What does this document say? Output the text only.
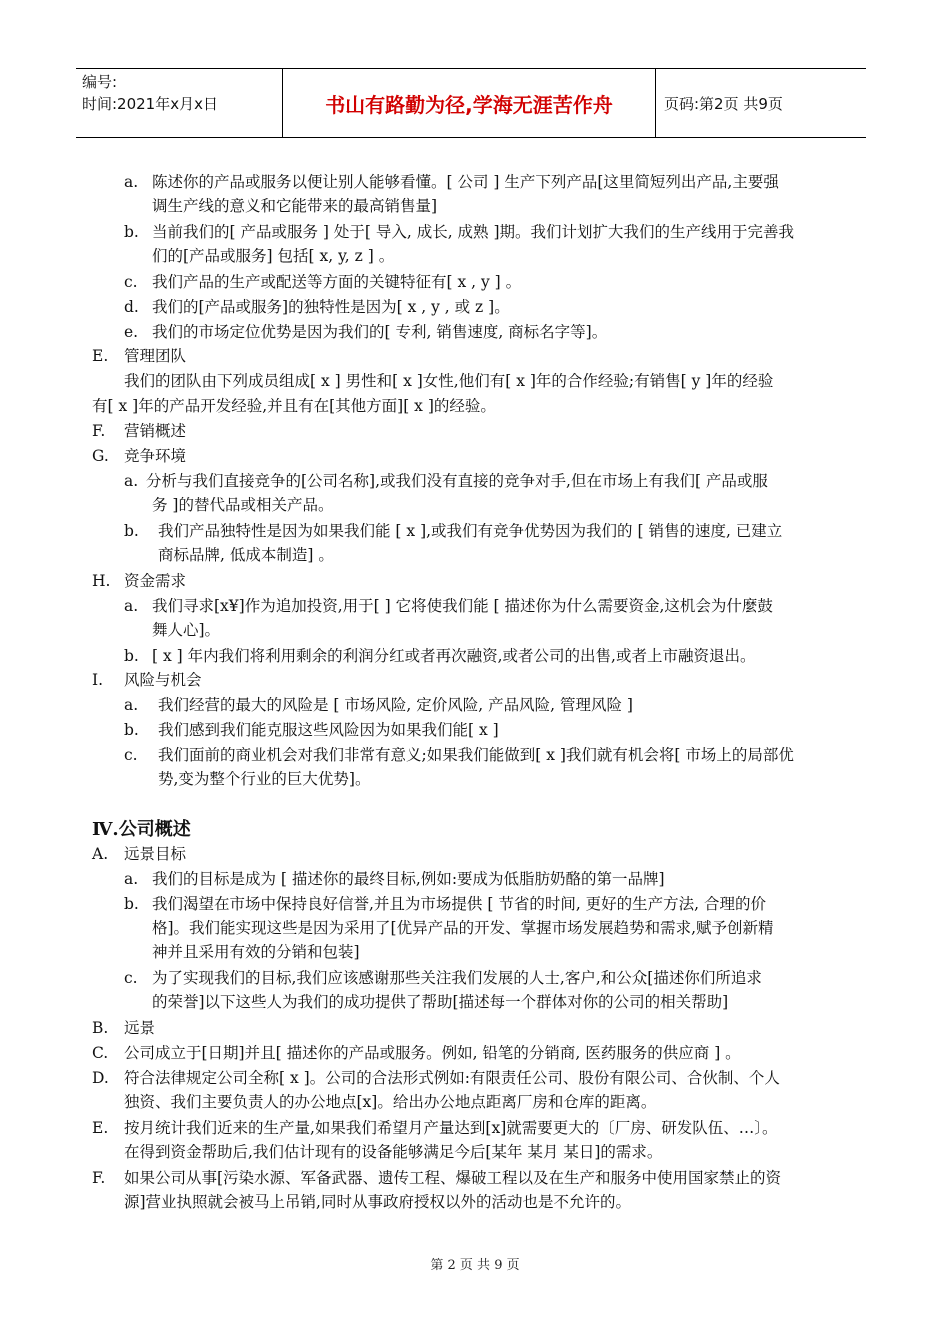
编号:
时间:2021年x月x日	书山有路勤为径,学海无涯苦作舟	页码:第2页 共9页
a. 陈述你的产品或服务以便让别人能够看懂。[ 公司 ] 生产下列产品[这里简短列出产品,主要强
调生产线的意义和它能带来的最高销售量]
b. 当前我们的[ 产品或服务 ] 处于[ 导入, 成长, 成熟 ]期。我们计划扩大我们的生产线用于完善我
们的[产品或服务] 包括[ x, y, z ] 。
c. 我们产品的生产或配送等方面的关键特征有[ x , y ] 。
d. 我们的[产品或服务]的独特性是因为[ x , y , 或 z ]。
e. 我们的市场定位优势是因为我们的[ 专利, 销售速度, 商标名字等]。
E. 管理团队
我们的团队由下列成员组成[ x ] 男性和[ x ]女性,他们有[ x ]年的合作经验;有销售[ y ]年的经验
有[ x ]年的产品开发经验,并且有在[其他方面][ x ]的经验。
F. 营销概述
G. 竞争环境
a. 分析与我们直接竞争的[公司名称],或我们没有直接的竞争对手,但在市场上有我们[ 产品或服
务 ]的替代品或相关产品。
b. 我们产品独特性是因为如果我们能 [ x ],或我们有竞争优势因为我们的 [ 销售的速度, 已建立
商标品牌, 低成本制造] 。
H. 资金需求
a. 我们寻求[x¥]作为追加投资,用于[ ] 它将使我们能 [ 描述你为什么需要资金,这机会为什麼鼓
舞人心]。
b. [ x ] 年内我们将利用剩余的利润分红或者再次融资,或者公司的出售,或者上市融资退出。
I. 风险与机会
a. 我们经营的最大的风险是 [ 市场风险, 定价风险, 产品风险, 管理风险 ]
b. 我们感到我们能克服这些风险因为如果我们能[ x ]
c. 我们面前的商业机会对我们非常有意义;如果我们能做到[ x ]我们就有机会将[ 市场上的局部优
势,变为整个行业的巨大优势]。
Ⅳ.公司概述
A. 远景目标
a. 我们的目标是成为 [ 描述你的最终目标,例如:要成为低脂肪奶酪的第一品牌]
b. 我们渴望在市场中保持良好信誉,并且为市场提供 [ 节省的时间, 更好的生产方法, 合理的价
格]。我们能实现这些是因为采用了[优异产品的开发、掌握市场发展趋势和需求,赋予创新精
神并且采用有效的分销和包装]
c. 为了实现我们的目标,我们应该感谢那些关注我们发展的人士,客户,和公众[描述你们所追求
的荣誉]以下这些人为我们的成功提供了帮助[描述每一个群体对你的公司的相关帮助]
B. 远景
C. 公司成立于[日期]并且[ 描述你的产品或服务。例如, 铅笔的分销商, 医药服务的供应商 ] 。
D. 符合法律规定公司全称[ x ]。公司的合法形式例如:有限责任公司、股份有限公司、合伙制、个人
独资、我们主要负责人的办公地点[x]。给出办公地点距离厂房和仓库的距离。
E. 按月统计我们近来的生产量,如果我们希望月产量达到[x]就需要更大的〔厂房、研发队伍、…〕。
在得到资金帮助后,我们估计现有的设备能够满足今后[某年 某月 某日]的需求。
F. 如果公司从事[污染水源、军备武器、遗传工程、爆破工程以及在生产和服务中使用国家禁止的资
源]营业执照就会被马上吊销,同时从事政府授权以外的活动也是不允许的。
第 2 页 共 9 页
